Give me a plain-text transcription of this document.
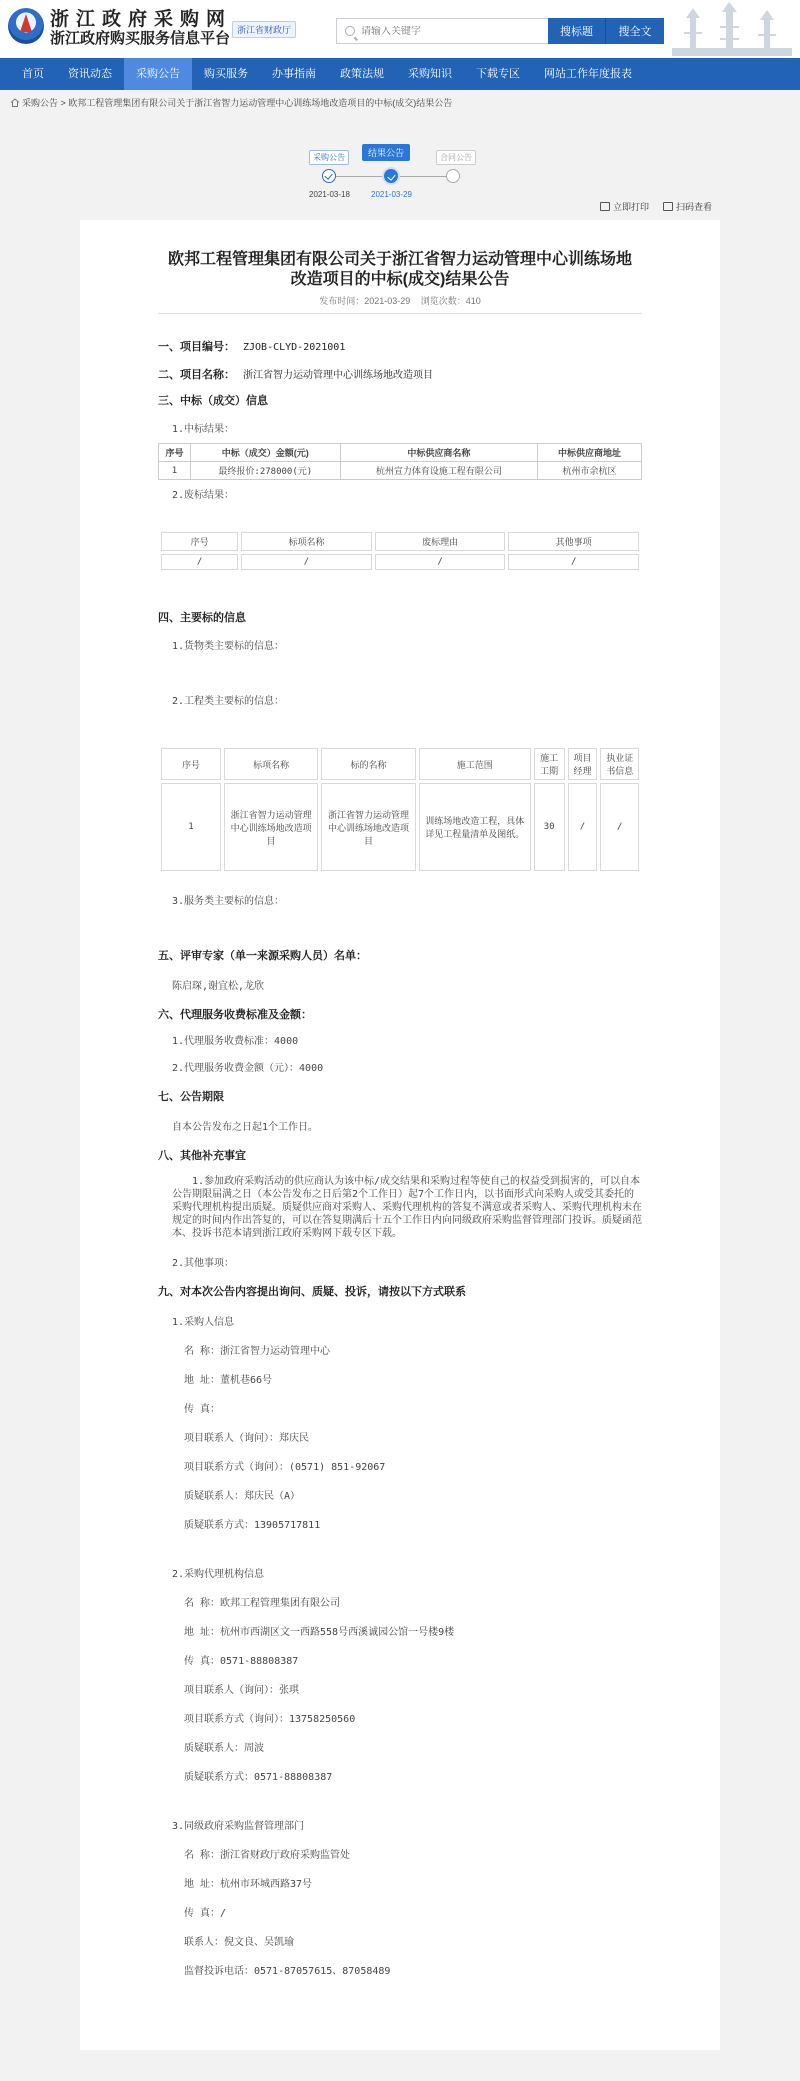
浙江政府采购网
浙江政府购买服务信息平台 浙江省财政厅
请输入关键字	搜标题	搜全文
首页	资讯动态	采购公告	购买服务	办事指南	政策法规	采购知识	下载专区	网站工作年度报表
采购公告 > 欧邦工程管理集团有限公司关于浙江省智力运动管理中心训练场地改造项目的中标(成交)结果公告
采购公告	结果公告	合同公告
2021-03-18	2021-03-29
立即打印	扫码查看
欧邦工程管理集团有限公司关于浙江省智力运动管理中心训练场地
改造项目的中标(成交)结果公告
发布时间：2021-03-29 浏览次数：410
一、项目编号： ZJOB-CLYD-2021001
二、项目名称： 浙江省智力运动管理中心训练场地改造项目
三、中标（成交）信息
1.中标结果：
序号	中标（成交）金额(元)	中标供应商名称	中标供应商地址
1	最终报价:278000(元)	杭州宣力体育设施工程有限公司	杭州市余杭区
2.废标结果：
序号	标项名称	废标理由	其他事项
/	/	/	/
四、主要标的信息
1.货物类主要标的信息：
2.工程类主要标的信息：
序号	标项名称	标的名称	施工范围	施工工期	项目经理	执业证书信息
1	浙江省智力运动管理中心训练场地改造项目	浙江省智力运动管理中心训练场地改造项目	训练场地改造工程，具体详见工程量清单及图纸。	30	/	/
3.服务类主要标的信息：
五、评审专家（单一来源采购人员）名单：
陈启琛,谢宜松,龙欣
六、代理服务收费标准及金额：
1.代理服务收费标准：4000
2.代理服务收费金额（元）：4000
七、公告期限
自本公告发布之日起1个工作日。
八、其他补充事宜
1.参加政府采购活动的供应商认为该中标/成交结果和采购过程等使自己的权益受到损害的，可以自本公告期限届满之日（本公告发布之日后第2个工作日）起7个工作日内，以书面形式向采购人或受其委托的采购代理机构提出质疑。质疑供应商对采购人、采购代理机构的答复不满意或者采购人、采购代理机构未在规定的时间内作出答复的，可以在答复期满后十五个工作日内向同级政府采购监督管理部门投诉。质疑函范本、投诉书范本请到浙江政府采购网下载专区下载。
2.其他事项：
九、对本次公告内容提出询问、质疑、投诉，请按以下方式联系
1.采购人信息
名 称：浙江省智力运动管理中心
地 址：董机巷66号
传 真：
项目联系人（询问）：郑庆民
项目联系方式（询问）：(0571) 851-92067
质疑联系人：郑庆民（A）
质疑联系方式：13905717811
2.采购代理机构信息
名 称：欧邦工程管理集团有限公司
地 址：杭州市西湖区文一西路558号西溪诚园公馆一号楼9楼
传 真：0571-88808387
项目联系人（询问）：张琪
项目联系方式（询问）：13758250560
质疑联系人：周波
质疑联系方式：0571-88808387
3.同级政府采购监督管理部门
名 称：浙江省财政厅政府采购监管处
地 址：杭州市环城西路37号
传 真：/
联系人：倪文良、吴凯瑜
监督投诉电话：0571-87057615、87058489
